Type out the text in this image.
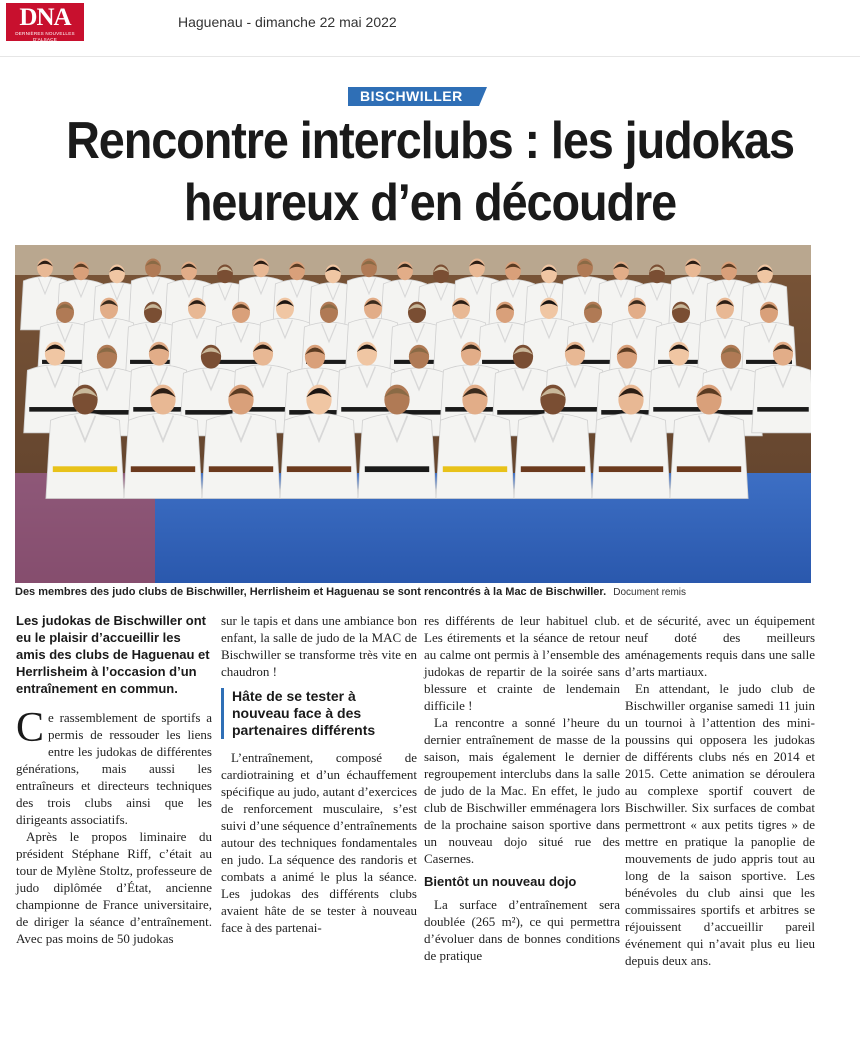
DNA
DERNIÈRES NOUVELLES D'ALSACE
Haguenau - dimanche 22 mai 2022
BISCHWILLER
Rencontre interclubs : les judokas heureux d’en découdre
Des membres des judo clubs de Bischwiller, Herrlisheim et Haguenau se sont rencontrés à la Mac de Bischwiller. Document remis
Les judokas de Bischwiller ont eu le plaisir d’accueillir les amis des clubs de Haguenau et Herrlisheim à l’occasion d’un entraînement en commun.

Ce rassemblement de sportifs a permis de ressouder les liens entre les judokas de différentes générations, mais aussi les entraîneurs et directeurs techniques des trois clubs ainsi que les dirigeants associatifs.

Après le propos liminaire du président Stéphane Riff, c’était au tour de Mylène Stoltz, professeure de judo diplômée d’État, ancienne championne de France universitaire, de diriger la séance d’entraînement. Avec pas moins de 50 judokas

sur le tapis et dans une ambiance bon enfant, la salle de judo de la MAC de Bischwiller se transforme très vite en chaudron !

Hâte de se tester à nouveau face à des partenaires différents

L’entraînement, composé de cardiotraining et d’un échauffement spécifique au judo, autant d’exercices de renforcement musculaire, s’est suivi d’une séquence d’entraînements autour des techniques fondamentales en judo. La séquence des randoris et combats a animé le plus la séance. Les judokas des différents clubs avaient hâte de se tester à nouveau face à des partenai-

res différents de leur habituel club. Les étirements et la séance de retour au calme ont permis à l’ensemble des judokas de repartir de la soirée sans blessure et crainte de lendemain difficile !

La rencontre a sonné l’heure du dernier entraînement de masse de la saison, mais également le dernier regroupement interclubs dans la salle de judo de la Mac. En effet, le judo club de Bischwiller emménagera lors de la prochaine saison sportive dans un nouveau dojo situé rue des Casernes.

Bientôt un nouveau dojo

La surface d’entraînement sera doublée (265 m²), ce qui permettra d’évoluer dans de bonnes conditions de pratique

et de sécurité, avec un équipement neuf doté des meilleurs aménagements requis dans une salle d’arts martiaux.

En attendant, le judo club de Bischwiller organise samedi 11 juin un tournoi à l’attention des mini-poussins qui opposera les judokas de différents clubs nés en 2014 et 2015. Cette animation se déroulera au complexe sportif couvert de Bischwiller. Six surfaces de combat permettront « aux petits tigres » de mettre en pratique la panoplie de mouvements de judo appris tout au long de la saison sportive. Les bénévoles du club ainsi que les commissaires sportifs et arbitres se réjouissent d’accueillir pareil événement qui n’avait plus eu lieu depuis deux ans.
